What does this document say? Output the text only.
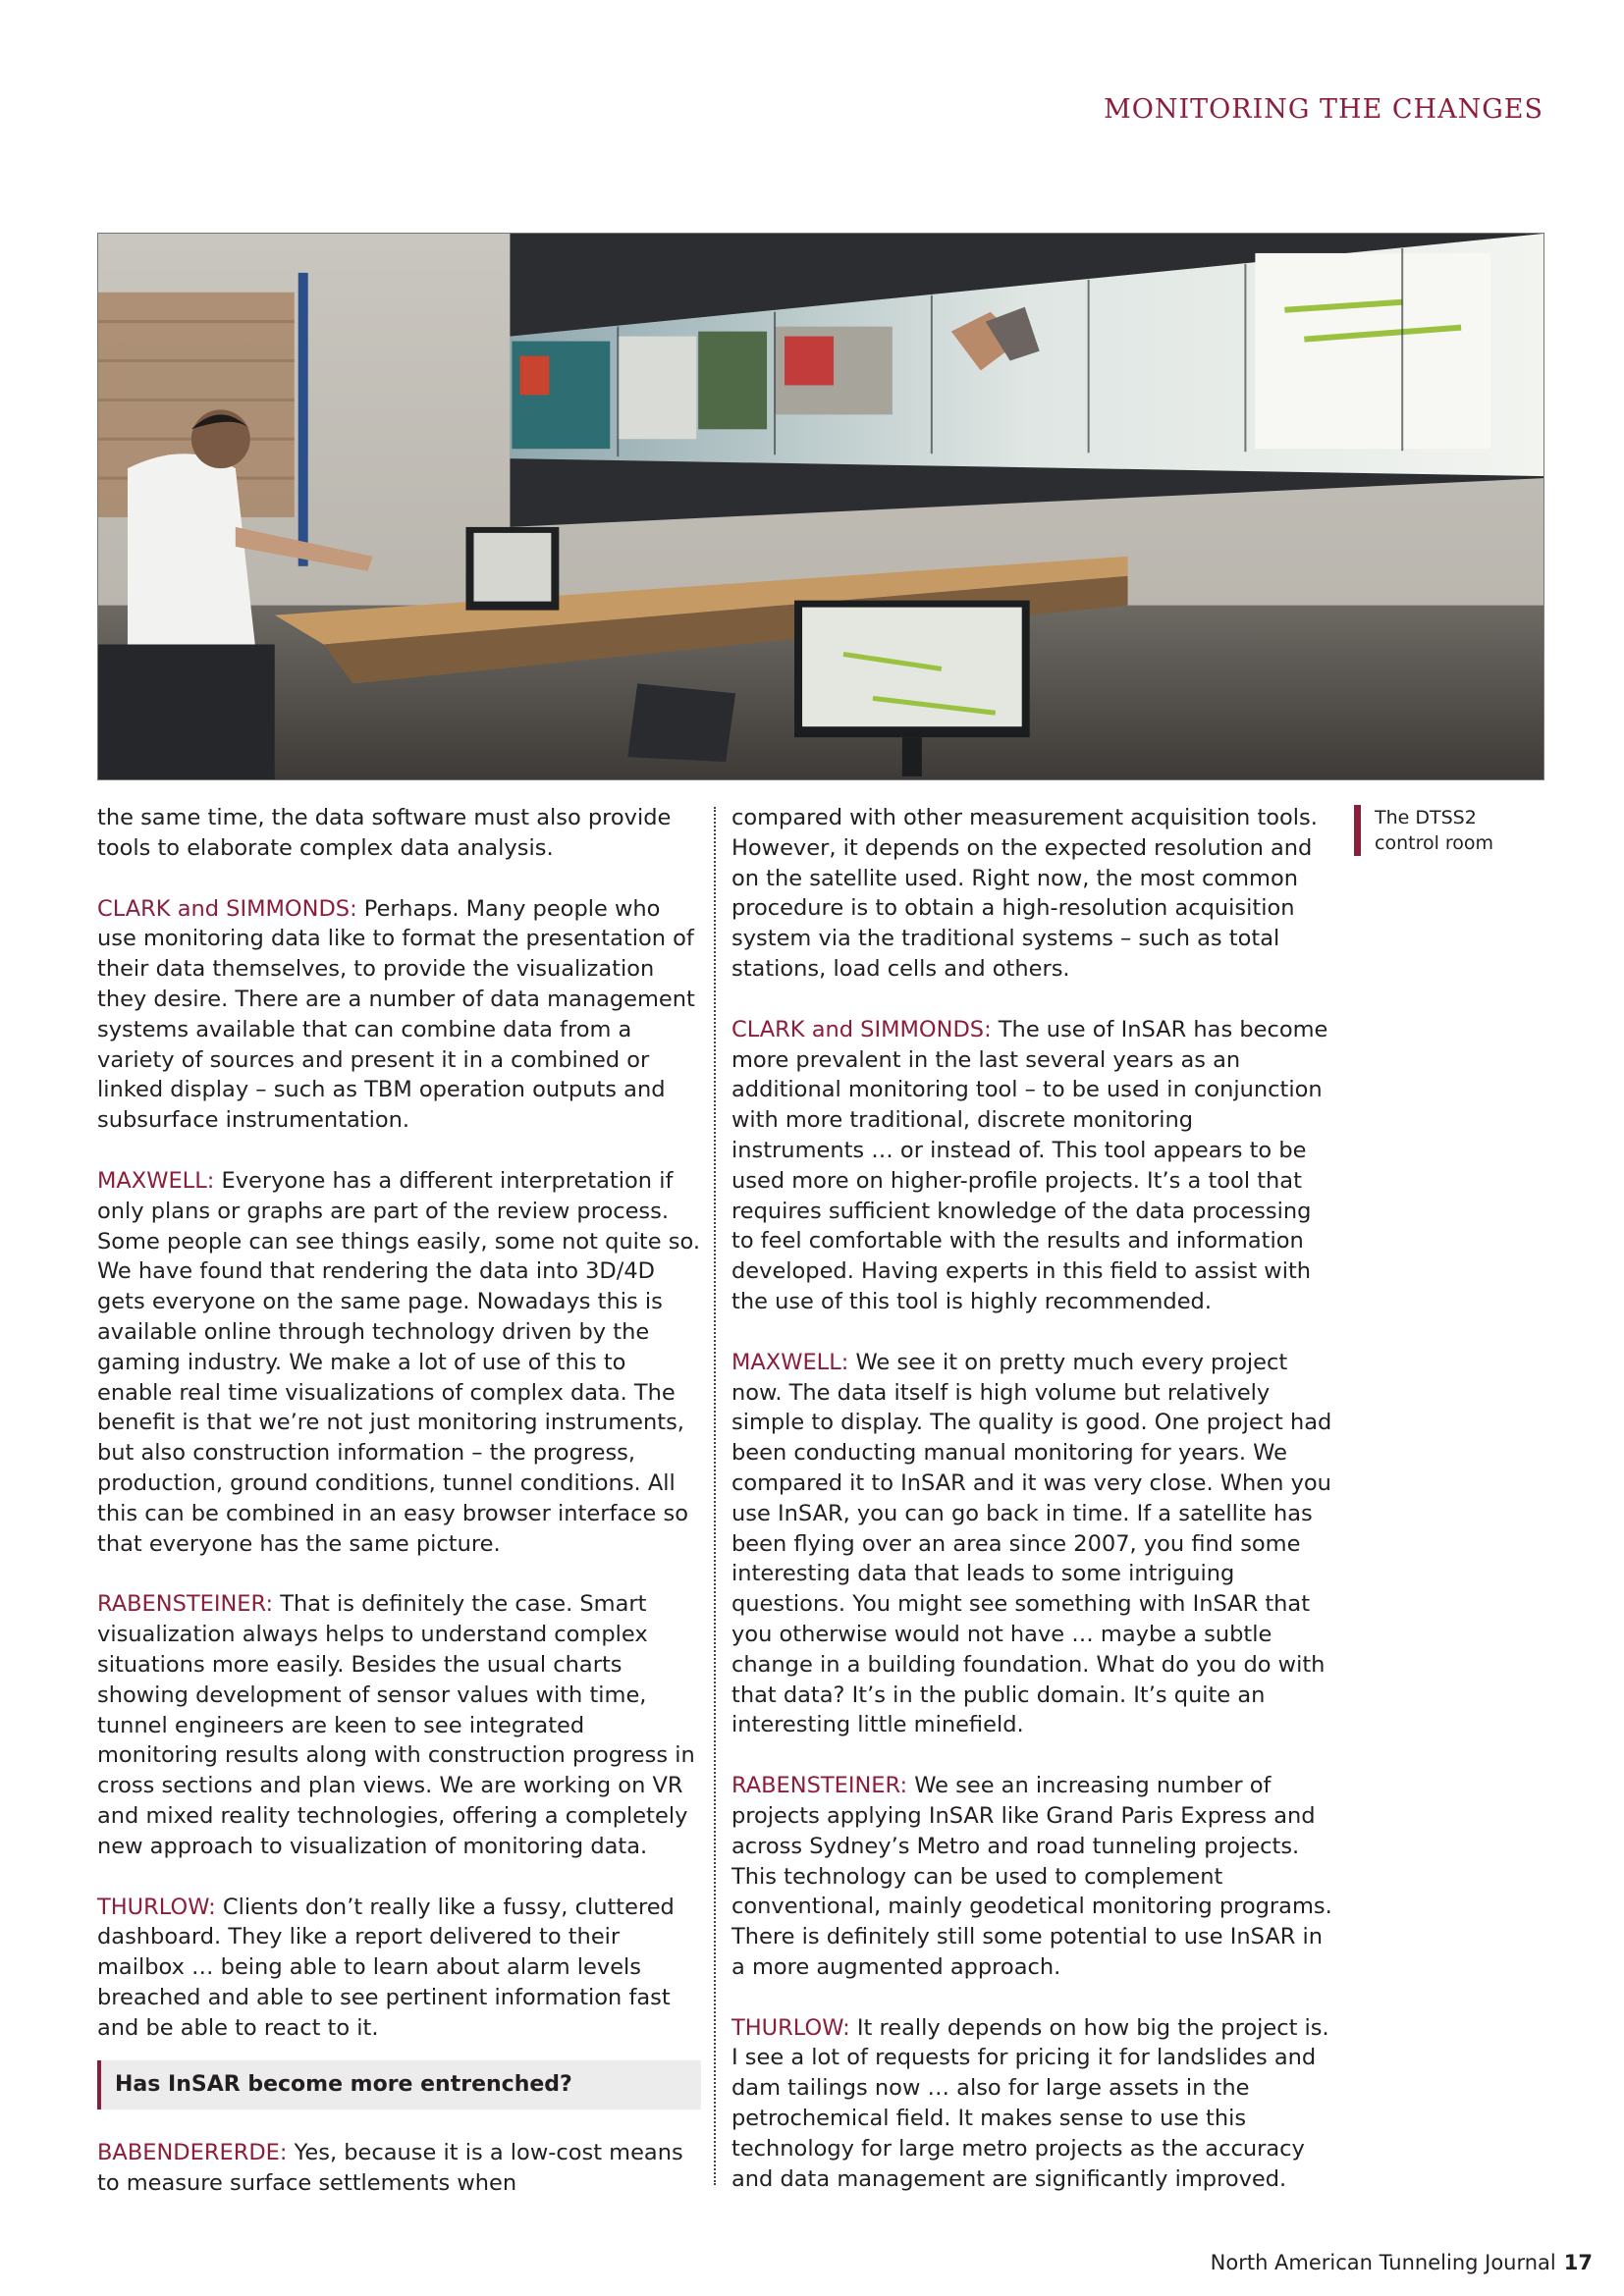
MONITORING THE CHANGES
The DTSS2 control room

the same time, the data software must also provide tools to elaborate complex data analysis.

CLARK and SIMMONDS: Perhaps. Many people who use monitoring data like to format the presentation of their data themselves, to provide the visualization they desire. There are a number of data management systems available that can combine data from a variety of sources and present it in a combined or linked display – such as TBM operation outputs and subsurface instrumentation.

MAXWELL: Everyone has a different interpretation if only plans or graphs are part of the review process. Some people can see things easily, some not quite so. We have found that rendering the data into 3D/4D gets everyone on the same page. Nowadays this is available online through technology driven by the gaming industry. We make a lot of use of this to enable real time visualizations of complex data. The benefit is that we’re not just monitoring instruments, but also construction information – the progress, production, ground conditions, tunnel conditions. All this can be combined in an easy browser interface so that everyone has the same picture.

RABENSTEINER: That is definitely the case. Smart visualization always helps to understand complex situations more easily. Besides the usual charts showing development of sensor values with time, tunnel engineers are keen to see integrated monitoring results along with construction progress in cross sections and plan views. We are working on VR and mixed reality technologies, offering a completely new approach to visualization of monitoring data.

THURLOW: Clients don’t really like a fussy, cluttered dashboard. They like a report delivered to their mailbox … being able to learn about alarm levels breached and able to see pertinent information fast and be able to react to it.

Has InSAR become more entrenched?

BABENDERERDE: Yes, because it is a low-cost means to measure surface settlements when

compared with other measurement acquisition tools. However, it depends on the expected resolution and on the satellite used. Right now, the most common procedure is to obtain a high-resolution acquisition system via the traditional systems – such as total stations, load cells and others.

CLARK and SIMMONDS: The use of InSAR has become more prevalent in the last several years as an additional monitoring tool – to be used in conjunction with more traditional, discrete monitoring instruments … or instead of. This tool appears to be used more on higher-profile projects. It’s a tool that requires sufficient knowledge of the data processing to feel comfortable with the results and information developed. Having experts in this field to assist with the use of this tool is highly recommended.

MAXWELL: We see it on pretty much every project now. The data itself is high volume but relatively simple to display. The quality is good. One project had been conducting manual monitoring for years. We compared it to InSAR and it was very close. When you use InSAR, you can go back in time. If a satellite has been flying over an area since 2007, you find some interesting data that leads to some intriguing questions. You might see something with InSAR that you otherwise would not have … maybe a subtle change in a building foundation. What do you do with that data? It’s in the public domain. It’s quite an interesting little minefield.

RABENSTEINER: We see an increasing number of projects applying InSAR like Grand Paris Express and across Sydney’s Metro and road tunneling projects. This technology can be used to complement conventional, mainly geodetical monitoring programs. There is definitely still some potential to use InSAR in a more augmented approach.

THURLOW: It really depends on how big the project is. I see a lot of requests for pricing it for landslides and dam tailings now … also for large assets in the petrochemical field. It makes sense to use this technology for large metro projects as the accuracy and data management are significantly improved.

North American Tunneling Journal 17
